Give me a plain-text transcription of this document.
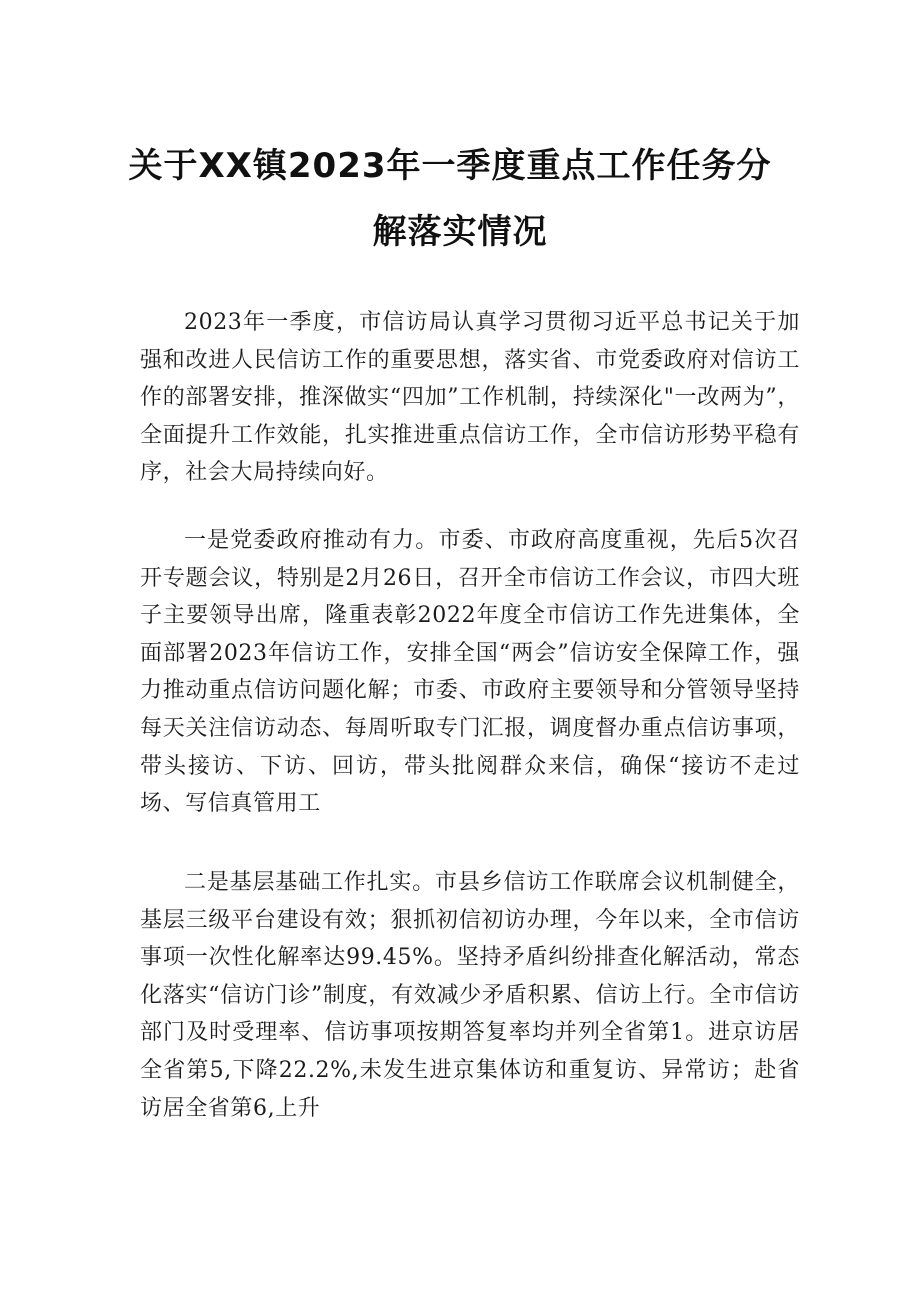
关于XX镇2023年一季度重点工作任务分
解落实情况

2023年一季度，市信访局认真学习贯彻习近平总书记关于加强和改进人民信访工作的重要思想，落实省、市党委政府对信访工作的部署安排，推深做实“四加”工作机制，持续深化"一改两为”，全面提升工作效能，扎实推进重点信访工作，全市信访形势平稳有序，社会大局持续向好。

一是党委政府推动有力。市委、市政府高度重视，先后5次召开专题会议，特别是2月26日，召开全市信访工作会议，市四大班子主要领导出席，隆重表彰2022年度全市信访工作先进集体，全面部署2023年信访工作，安排全国“两会”信访安全保障工作，强力推动重点信访问题化解；市委、市政府主要领导和分管领导坚持每天关注信访动态、每周听取专门汇报，调度督办重点信访事项，带头接访、下访、回访，带头批阅群众来信，确保“接访不走过场、写信真管用工

二是基层基础工作扎实。市县乡信访工作联席会议机制健全，基层三级平台建设有效；狠抓初信初访办理，今年以来，全市信访事项一次性化解率达99.45%。坚持矛盾纠纷排查化解活动，常态化落实“信访门诊”制度，有效减少矛盾积累、信访上行。全市信访部门及时受理率、信访事项按期答复率均并列全省第1。进京访居全省第5,下降22.2%,未发生进京集体访和重复访、异常访；赴省访居全省第6,上升
